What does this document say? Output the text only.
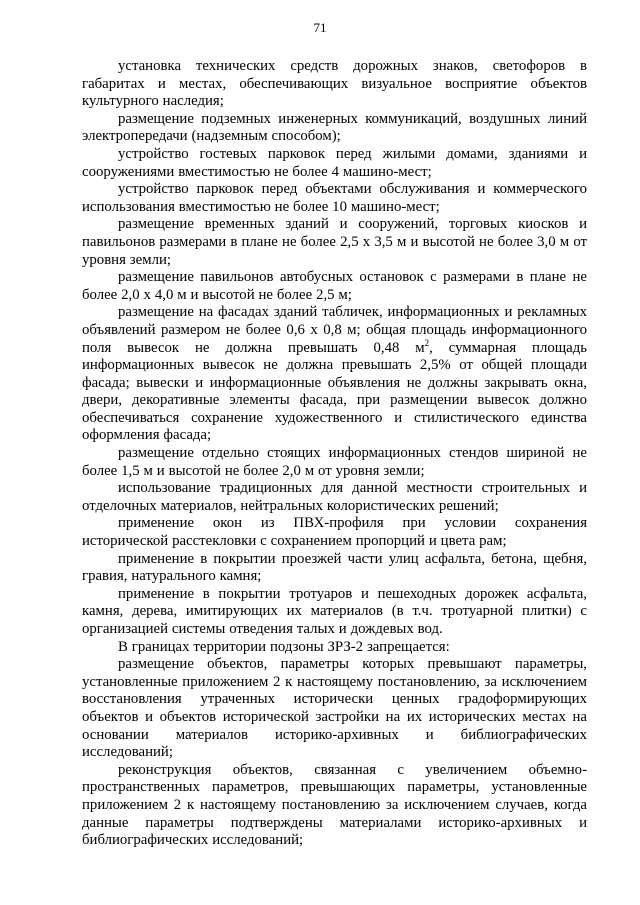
71

установка технических средств дорожных знаков, светофоров в габаритах и местах, обеспечивающих визуальное восприятие объектов культурного наследия;

размещение подземных инженерных коммуникаций, воздушных линий электропередачи (надземным способом);

устройство гостевых парковок перед жилыми домами, зданиями и сооружениями вместимостью не более 4 машино-мест;

устройство парковок перед объектами обслуживания и коммерческого использования вместимостью не более 10 машино-мест;

размещение временных зданий и сооружений, торговых киосков и павильонов размерами в плане не более 2,5 х 3,5 м и высотой не более 3,0 м от уровня земли;

размещение павильонов автобусных остановок с размерами в плане не более 2,0 х 4,0 м и высотой не более 2,5 м;

размещение на фасадах зданий табличек, информационных и рекламных объявлений размером не более 0,6 х 0,8 м; общая площадь информационного поля вывесок не должна превышать 0,48 $м^2$, суммарная площадь информационных вывесок не должна превышать 2,5% от общей площади фасада; вывески и информационные объявления не должны закрывать окна, двери, декоративные элементы фасада, при размещении вывесок должно обеспечиваться сохранение художественного и стилистического единства оформления фасада;

размещение отдельно стоящих информационных стендов шириной не более 1,5 м и высотой не более 2,0 м от уровня земли;

использование традиционных для данной местности строительных и отделочных материалов, нейтральных колористических решений;

применение окон из ПВХ-профиля при условии сохранения исторической расстекловки с сохранением пропорций и цвета рам;

применение в покрытии проезжей части улиц асфальта, бетона, щебня, гравия, натурального камня;

применение в покрытии тротуаров и пешеходных дорожек асфальта, камня, дерева, имитирующих их материалов (в т.ч. тротуарной плитки) с организацией системы отведения талых и дождевых вод.

В границах территории подзоны ЗРЗ-2 запрещается:

размещение объектов, параметры которых превышают параметры, установленные приложением 2 к настоящему постановлению, за исключением восстановления утраченных исторически ценных градоформирующих объектов и объектов исторической застройки на их исторических местах на основании материалов историко-архивных и библиографических исследований;

реконструкция объектов, связанная с увеличением объемно-пространственных параметров, превышающих параметры, установленные приложением 2 к настоящему постановлению за исключением случаев, когда данные параметры подтверждены материалами историко-архивных и библиографических исследований;
